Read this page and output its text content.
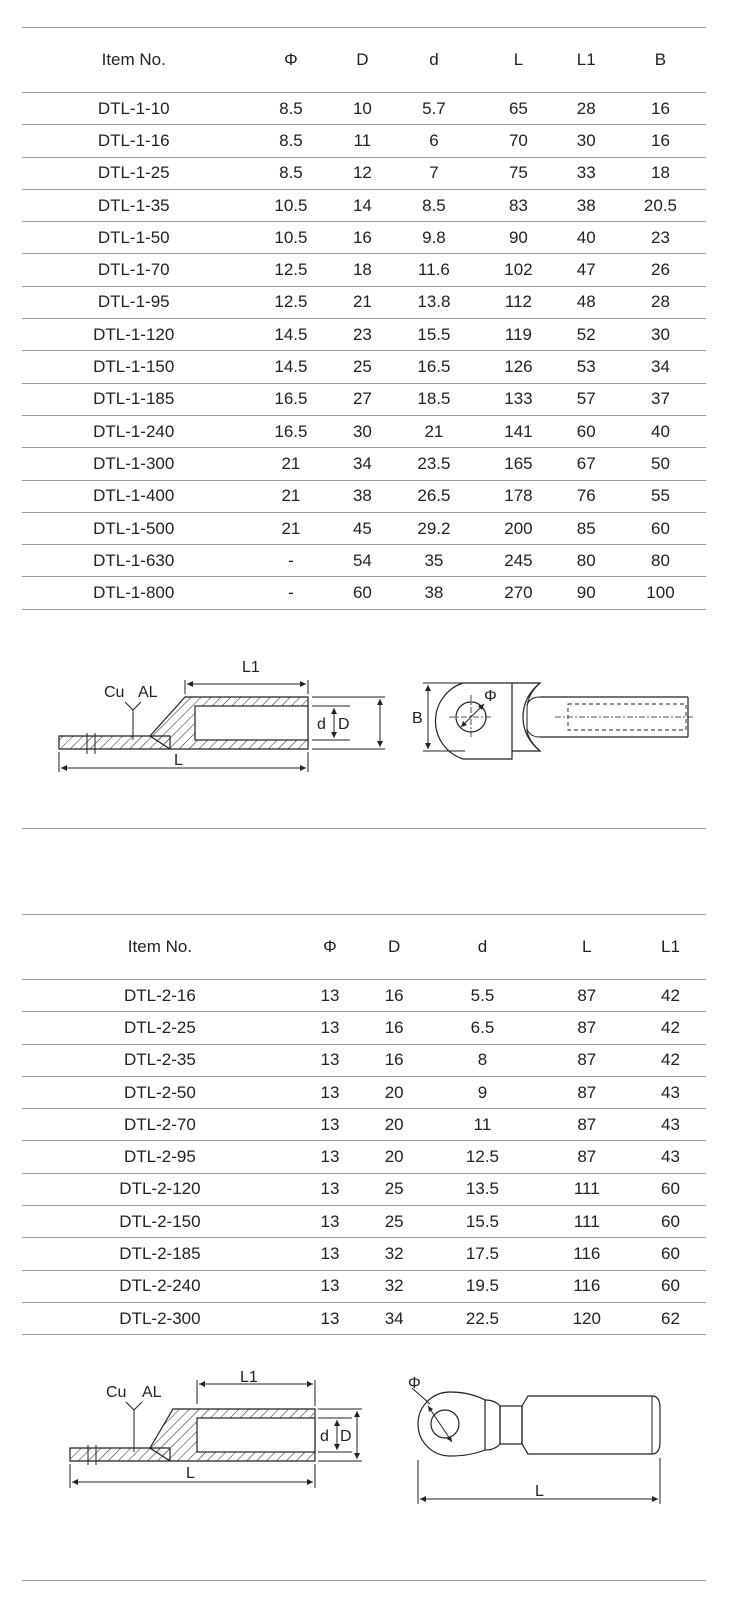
Item No.	Φ	D	d	L	L1	B
DTL-1-10	8.5	10	5.7	65	28	16
DTL-1-16	8.5	11	6	70	30	16
DTL-1-25	8.5	12	7	75	33	18
DTL-1-35	10.5	14	8.5	83	38	20.5
DTL-1-50	10.5	16	9.8	90	40	23
DTL-1-70	12.5	18	11.6	102	47	26
DTL-1-95	12.5	21	13.8	112	48	28
DTL-1-120	14.5	23	15.5	119	52	30
DTL-1-150	14.5	25	16.5	126	53	34
DTL-1-185	16.5	27	18.5	133	57	37
DTL-1-240	16.5	30	21	141	60	40
DTL-1-300	21	34	23.5	165	67	50
DTL-1-400	21	38	26.5	178	76	55
DTL-1-500	21	45	29.2	200	85	60
DTL-1-630	-	54	35	245	80	80
DTL-1-800	-	60	38	270	90	100
Cu AL
L1
L
d D	B
Φ
Item No.	Φ	D	d	L	L1
DTL-2-16	13	16	5.5	87	42
DTL-2-25	13	16	6.5	87	42
DTL-2-35	13	16	8	87	42
DTL-2-50	13	20	9	87	43
DTL-2-70	13	20	11	87	43
DTL-2-95	13	20	12.5	87	43
DTL-2-120	13	25	13.5	111	60
DTL-2-150	13	25	15.5	111	60
DTL-2-185	13	32	17.5	116	60
DTL-2-240	13	32	19.5	116	60
DTL-2-300	13	34	22.5	120	62
Cu AL
L1
L
d D
Φ
L
